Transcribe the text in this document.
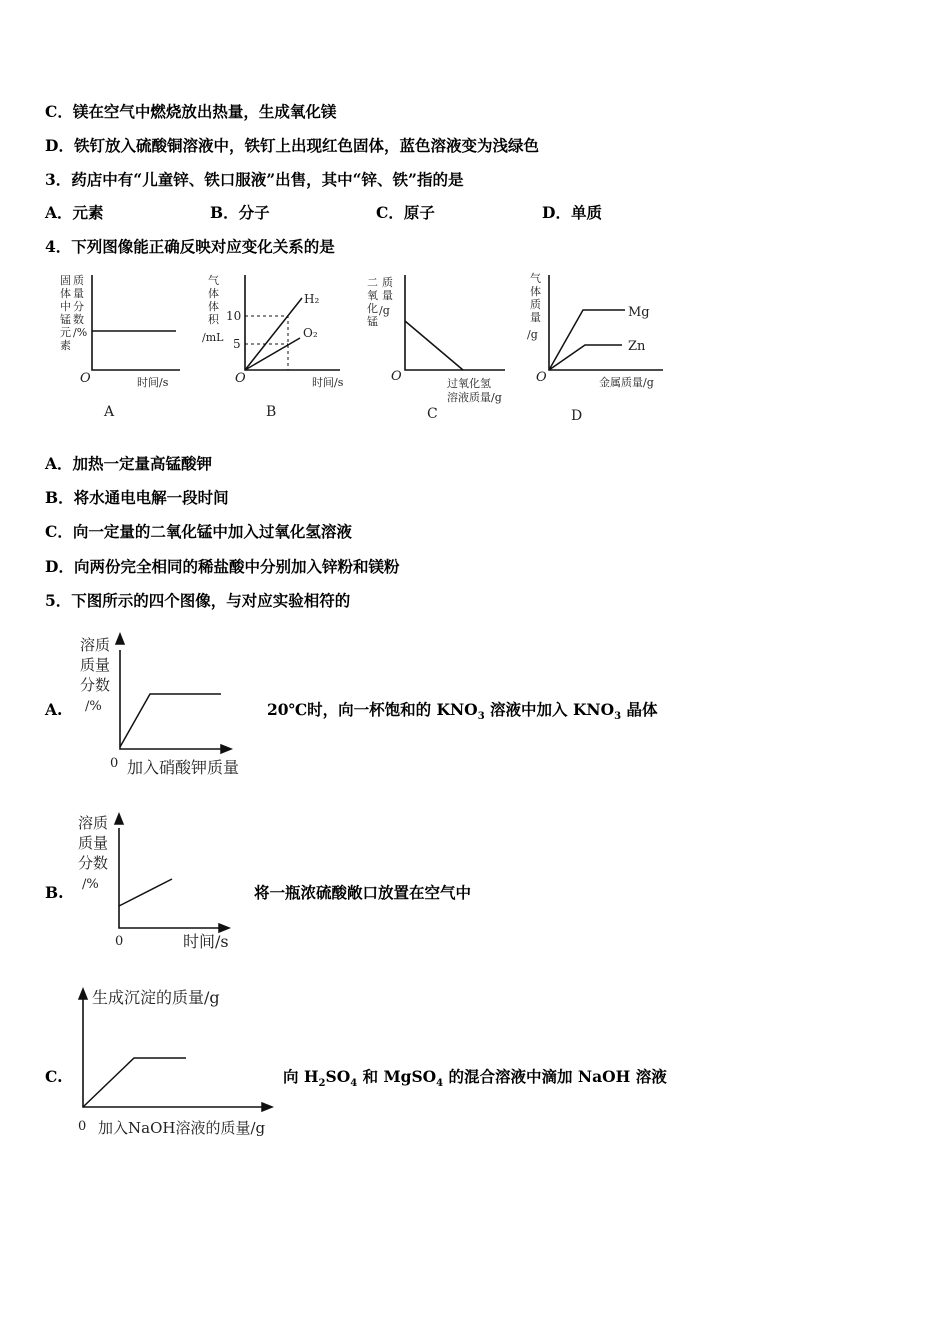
C．镁在空气中燃烧放出热量，生成氧化镁
D．铁钉放入硫酸铜溶液中，铁钉上出现红色固体，蓝色溶液变为浅绿色
3．药店中有“儿童锌、铁口服液”出售，其中“锌、铁”指的是
A．元素	B．分子	C．原子	D．单质
4．下列图像能正确反映对应变化关系的是
固
体
中
锰
元
素
质
量
分
数
/%
O	时间/s
A
气
体
体
积
/mL
10
5
H₂
O₂
O	时间/s
B
二
氧
化
锰
质
量
/g
O	过氧化氢
溶液质量/g
C
气
体
质
量
/g
Mg
Zn
O	金属质量/g
D
A．加热一定量高锰酸钾
B．将水通电电解一段时间
C．向一定量的二氧化锰中加入过氧化氢溶液
D．向两份完全相同的稀盐酸中分别加入锌粉和镁粉
5．下图所示的四个图像，与对应实验相符的
A.
溶质
质量
分数
/%
0 加入硝酸钾质量
20℃时，向一杯饱和的 $KNO_3$ 溶液中加入 $KNO_3$ 晶体
B.
溶质
质量
分数
/%
0	时间/s
将一瓶浓硫酸敞口放置在空气中
C.
生成沉淀的质量/g
0 加入NaOH溶液的质量/g
向 $H_2SO_4$ 和 MgSO$_4$ 的混合溶液中滴加 NaOH 溶液
